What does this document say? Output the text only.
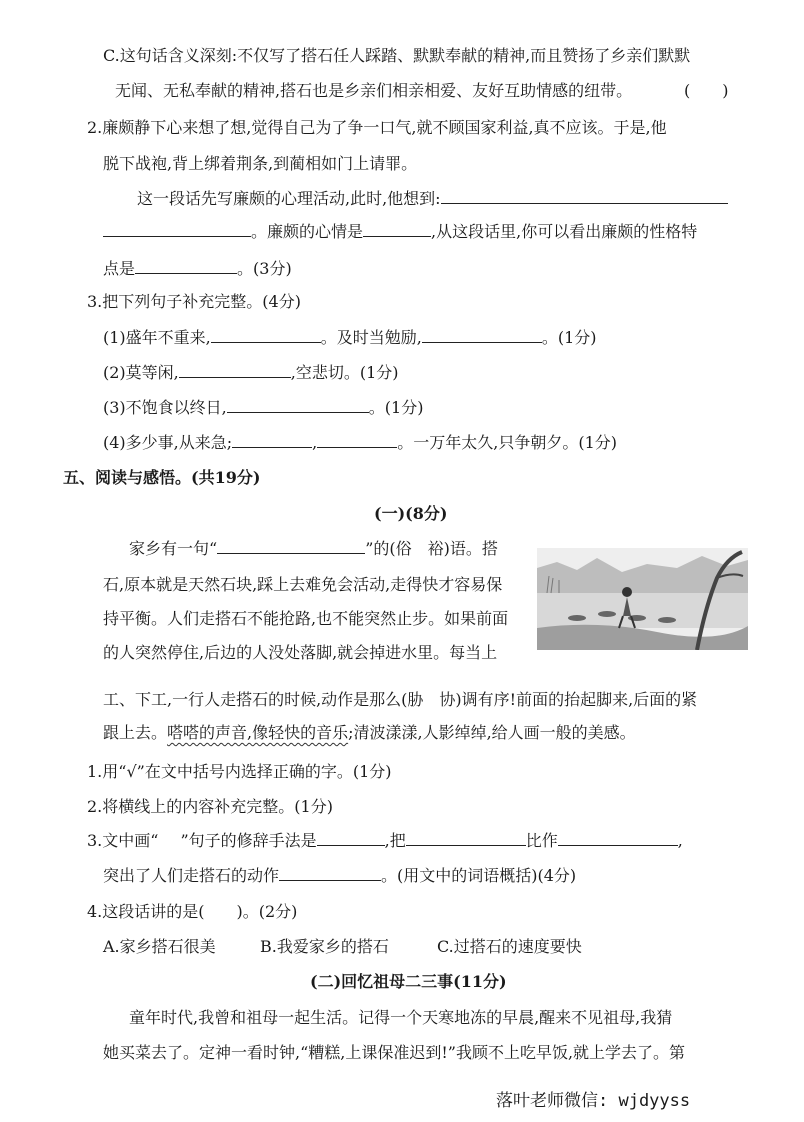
C.这句话含义深刻:不仅写了搭石任人踩踏、默默奉献的精神,而且赞扬了乡亲们默默
无闻、无私奉献的精神,搭石也是乡亲们相亲相爱、友好互助情感的纽带。	(　　)
2.廉颇静下心来想了想,觉得自己为了争一口气,就不顾国家利益,真不应该。于是,他
脱下战袍,背上绑着荆条,到蔺相如门上请罪。
这一段话先写廉颇的心理活动,此时,他想到:
。廉颇的心情是	,从这段话里,你可以看出廉颇的性格特
点是	。(3分)
3.把下列句子补充完整。(4分)
(1)盛年不重来,	。及时当勉励,	。(1分)
(2)莫等闲,	,空悲切。(1分)
(3)不饱食以终日,	。(1分)
(4)多少事,从来急;	,	。一万年太久,只争朝夕。(1分)
五、阅读与感悟。(共19分)
(一)(8分)
家乡有一句“	”的(俗　裕)语。搭
石,原本就是天然石块,踩上去难免会活动,走得快才容易保
持平衡。人们走搭石不能抢路,也不能突然止步。如果前面
的人突然停住,后边的人没处落脚,就会掉进水里。每当上
工、下工,一行人走搭石的时候,动作是那么(胁　协)调有序!前面的抬起脚来,后面的紧
跟上去。嗒嗒的声音,像轻快的音乐;清波漾漾,人影绰绰,给人画一般的美感。
1.用“√”在文中括号内选择正确的字。(1分)
2.将横线上的内容补充完整。(1分)
3.文中画“ ”句子的修辞手法是	,把	比作	,
突出了人们走搭石的动作	。(用文中的词语概括)(4分)
4.这段话讲的是(　　)。(2分)
A.家乡搭石很美	B.我爱家乡的搭石	C.过搭石的速度要快
(二)回忆祖母二三事(11分)
童年时代,我曾和祖母一起生活。记得一个天寒地冻的早晨,醒来不见祖母,我猜
她买菜去了。定神一看时钟,“糟糕,上课保准迟到!”我顾不上吃早饭,就上学去了。第
落叶老师微信: wjdyyss
